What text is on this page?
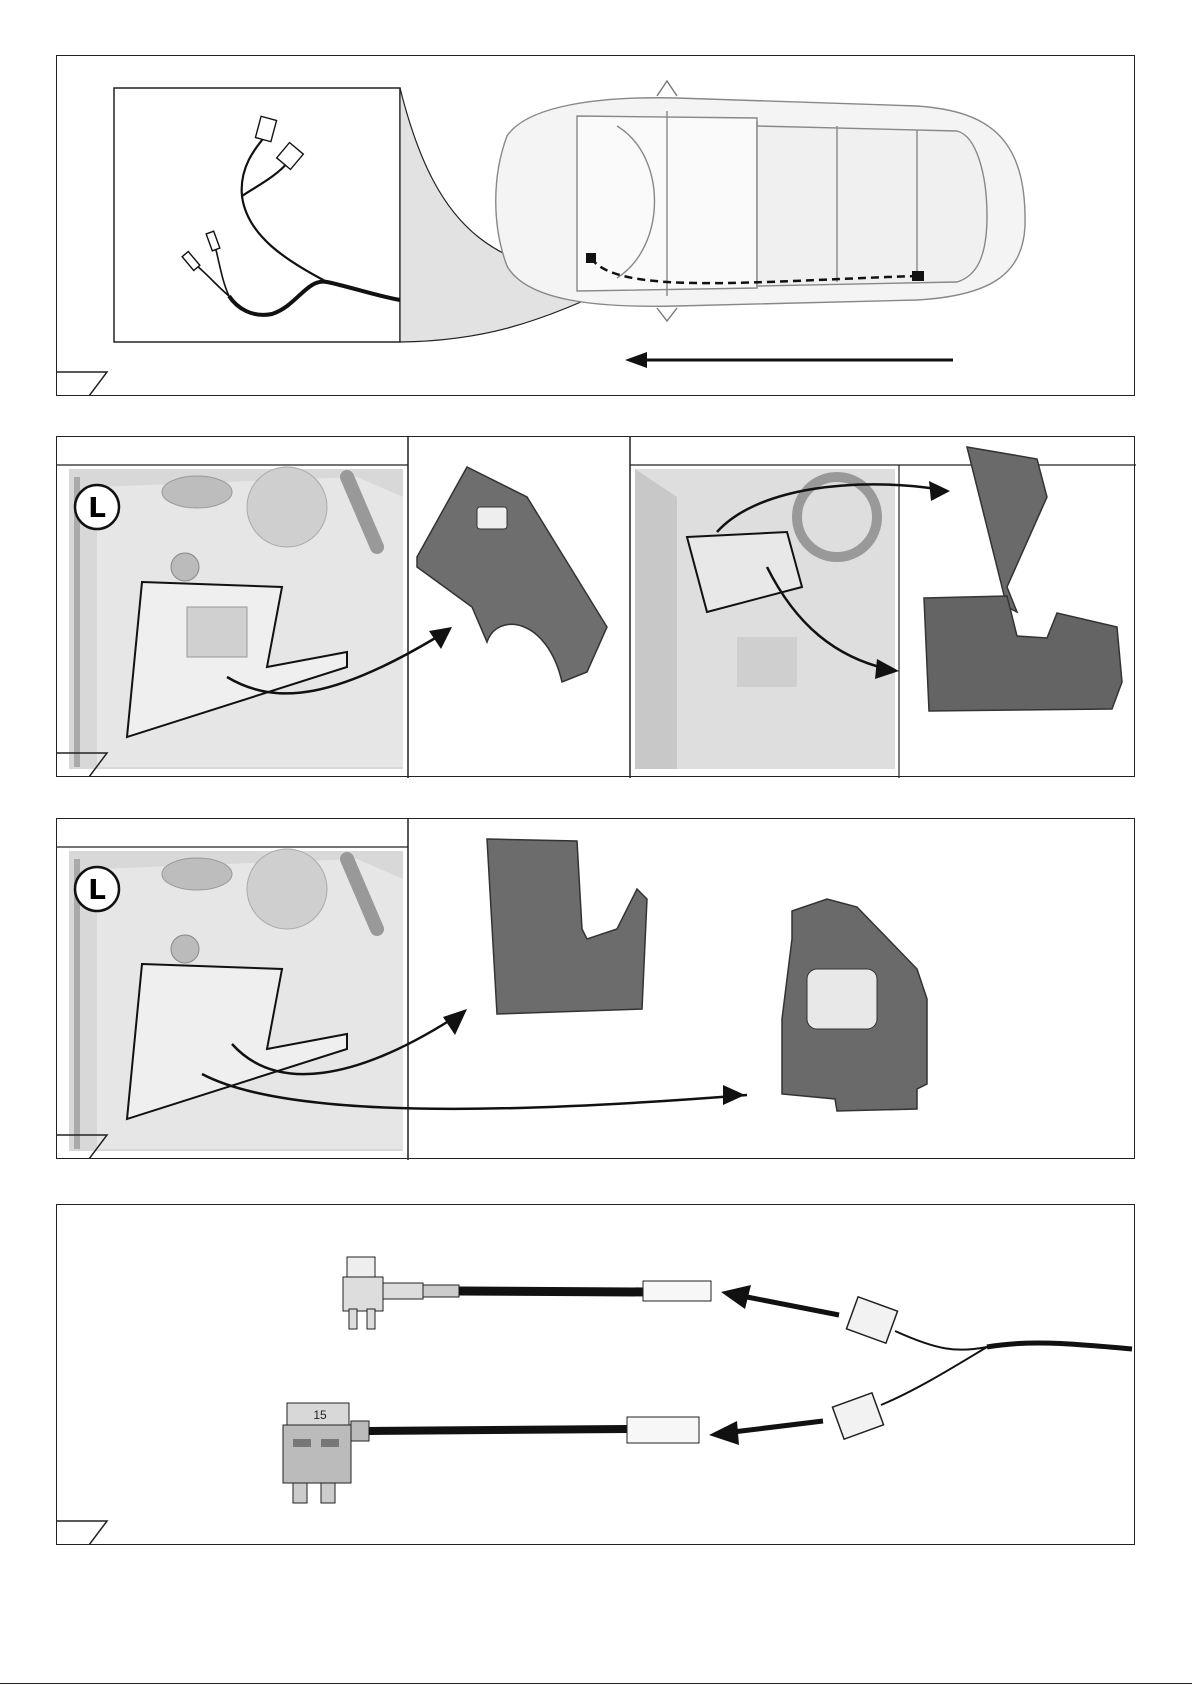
L
L
15
